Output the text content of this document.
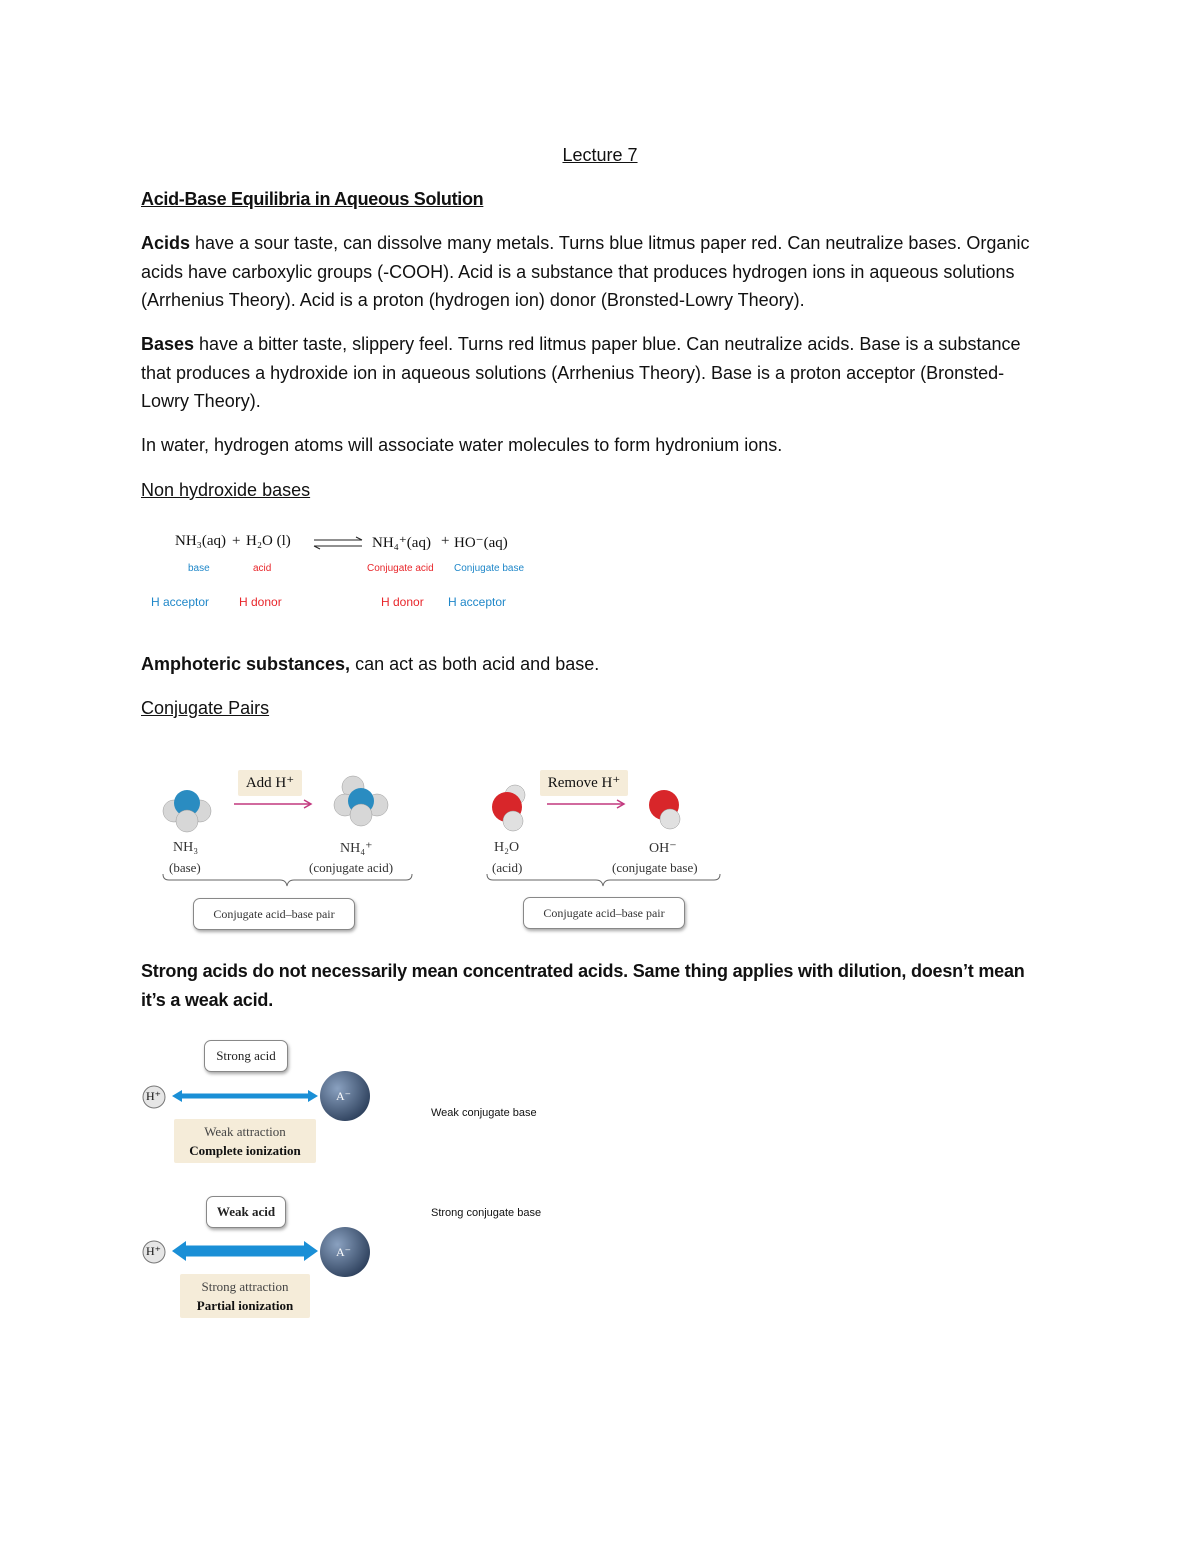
Lecture 7
Acid-Base Equilibria in Aqueous Solution
Acids have a sour taste, can dissolve many metals. Turns blue litmus paper red. Can neutralize bases. Organic acids have carboxylic groups (-COOH). Acid is a substance that produces hydrogen ions in aqueous solutions (Arrhenius Theory). Acid is a proton (hydrogen ion) donor (Bronsted-Lowry Theory).
Bases have a bitter taste, slippery feel. Turns red litmus paper blue. Can neutralize acids. Base is a substance that produces a hydroxide ion in aqueous solutions (Arrhenius Theory). Base is a proton acceptor (Bronsted-Lowry Theory).
In water, hydrogen atoms will associate water molecules to form hydronium ions.
Non hydroxide bases
NH₃(aq) + H₂O (l) ⇌ NH₄⁺(aq) + HO⁻(aq)
base	acid	Conjugate acid Conjugate base
H acceptor H donor	H donor H acceptor
Amphoteric substances, can act as both acid and base.
Conjugate Pairs
Add H⁺
NH₃
(base)
NH₄⁺
(conjugate acid)
Conjugate acid–base pair
Remove H⁺
H₂O
(acid)
OH⁻
(conjugate base)
Conjugate acid–base pair
Strong acids do not necessarily mean concentrated acids. Same thing applies with dilution, doesn’t mean it’s a weak acid.
Strong acid
H⁺	A⁻
Weak attraction
Complete ionization
Weak conjugate base
Weak acid
H⁺	A⁻
Strong attraction
Partial ionization
Strong conjugate base
